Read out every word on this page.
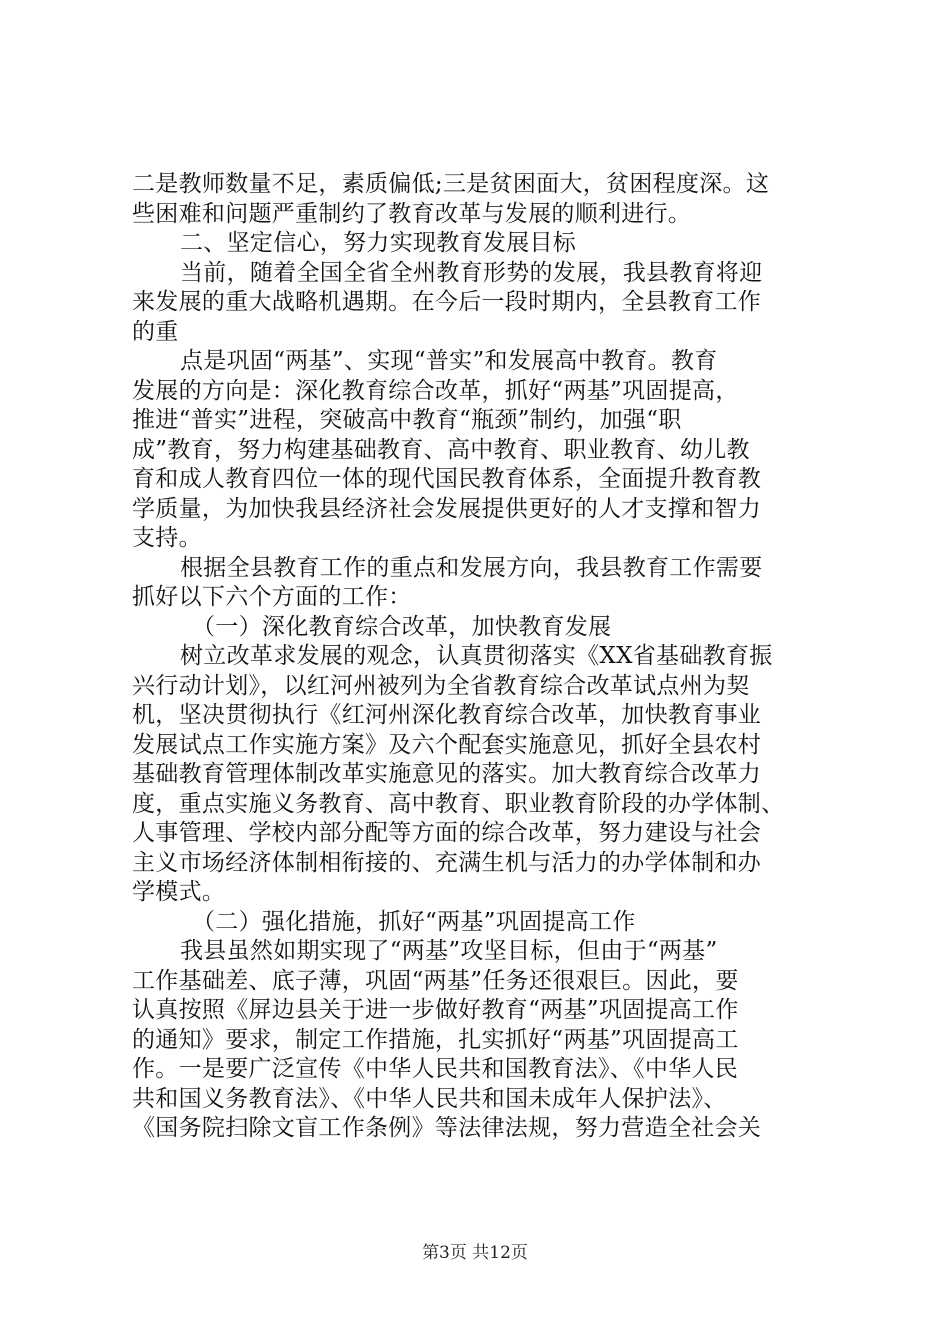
二是教师数量不足，素质偏低;三是贫困面大，贫困程度深。这
些困难和问题严重制约了教育改革与发展的顺利进行。
二、坚定信心，努力实现教育发展目标
当前，随着全国全省全州教育形势的发展，我县教育将迎
来发展的重大战略机遇期。在今后一段时期内，全县教育工作
的重
点是巩固“两基”、实现“普实”和发展高中教育。教育
发展的方向是：深化教育综合改革，抓好“两基”巩固提高，
推进“普实”进程，突破高中教育“瓶颈”制约，加强“职
成”教育，努力构建基础教育、高中教育、职业教育、幼儿教
育和成人教育四位一体的现代国民教育体系，全面提升教育教
学质量，为加快我县经济社会发展提供更好的人才支撑和智力
支持。
根据全县教育工作的重点和发展方向，我县教育工作需要
抓好以下六个方面的工作：
（一）深化教育综合改革，加快教育发展
树立改革求发展的观念，认真贯彻落实《XX省基础教育振
兴行动计划》，以红河州被列为全省教育综合改革试点州为契
机，坚决贯彻执行《红河州深化教育综合改革，加快教育事业
发展试点工作实施方案》及六个配套实施意见，抓好全县农村
基础教育管理体制改革实施意见的落实。加大教育综合改革力
度，重点实施义务教育、高中教育、职业教育阶段的办学体制、
人事管理、学校内部分配等方面的综合改革，努力建设与社会
主义市场经济体制相衔接的、充满生机与活力的办学体制和办
学模式。
（二）强化措施，抓好“两基”巩固提高工作
我县虽然如期实现了“两基”攻坚目标，但由于“两基”
工作基础差、底子薄，巩固“两基”任务还很艰巨。因此，要
认真按照《屏边县关于进一步做好教育“两基”巩固提高工作
的通知》要求，制定工作措施，扎实抓好“两基”巩固提高工
作。一是要广泛宣传《中华人民共和国教育法》、《中华人民
共和国义务教育法》、《中华人民共和国未成年人保护法》、
《国务院扫除文盲工作条例》等法律法规，努力营造全社会关
第3页 共12页
